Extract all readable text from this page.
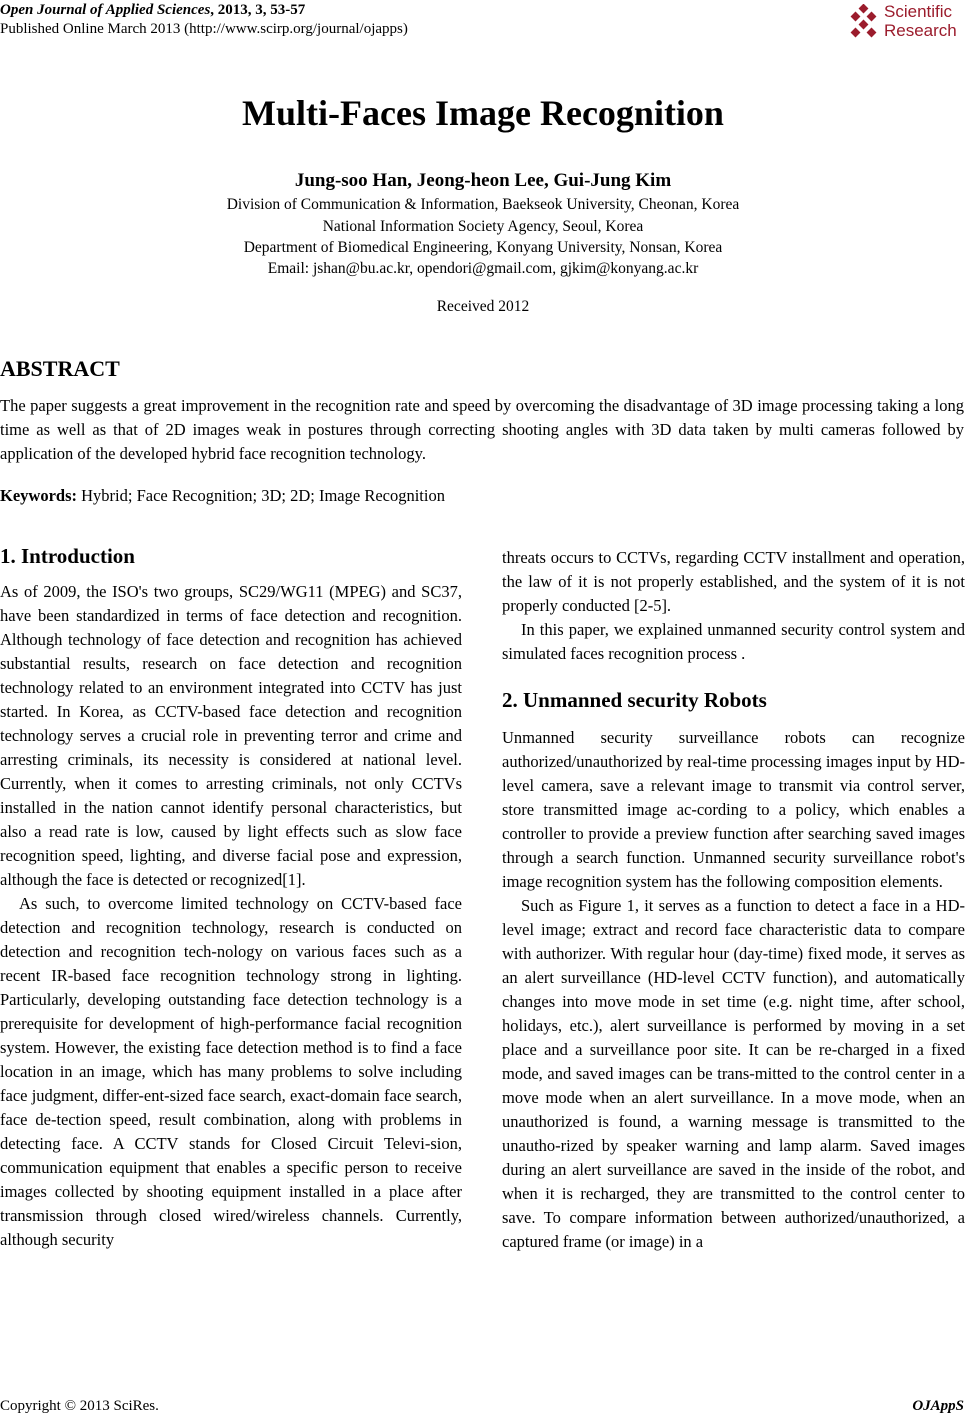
Open Journal of Applied Sciences, 2013, 3, 53-57
Published Online March 2013 (http://www.scirp.org/journal/ojapps)
Scientific
Research
Multi-Faces Image Recognition
Jung-soo Han, Jeong-heon Lee, Gui-Jung Kim
Division of Communication & Information, Baekseok University, Cheonan, Korea
National Information Society Agency, Seoul, Korea
Department of Biomedical Engineering, Konyang University, Nonsan, Korea
Email: jshan@bu.ac.kr, opendori@gmail.com, gjkim@konyang.ac.kr
Received 2012
ABSTRACT
The paper suggests a great improvement in the recognition rate and speed by overcoming the disadvantage of 3D image processing taking a long time as well as that of 2D images weak in postures through correcting shooting angles with 3D data taken by multi cameras followed by application of the developed hybrid face recognition technology.
Keywords: Hybrid; Face Recognition; 3D; 2D; Image Recognition
1. Introduction

As of 2009, the ISO's two groups, SC29/WG11 (MPEG) and SC37, have been standardized in terms of face detection and recognition. Although technology of face detection and recognition has achieved substantial results, research on face detection and recognition technology related to an environment integrated into CCTV has just started. In Korea, as CCTV-based face detection and recognition technology serves a crucial role in preventing terror and crime and arresting criminals, its necessity is considered at national level. Currently, when it comes to arresting criminals, not only CCTVs installed in the nation cannot identify personal characteristics, but also a read rate is low, caused by light effects such as slow face recognition speed, lighting, and diverse facial pose and expression, although the face is detected or recognized[1].

As such, to overcome limited technology on CCTV-based face detection and recognition technology, research is conducted on detection and recognition tech-nology on various faces such as a recent IR-based face recognition technology strong in lighting. Particularly, developing outstanding face detection technology is a prerequisite for development of high-performance facial recognition system. However, the existing face detection method is to find a face location in an image, which has many problems to solve including face judgment, differ-ent-sized face search, exact-domain face search, face de-tection speed, result combination, along with problems in detecting face. A CCTV stands for Closed Circuit Televi-sion, communication equipment that enables a specific person to receive images collected by shooting equipment installed in a place after transmission through closed wired/wireless channels. Currently, although security

threats occurs to CCTVs, regarding CCTV installment and operation, the law of it is not properly established, and the system of it is not properly conducted [2-5].

In this paper, we explained unmanned security control system and simulated faces recognition process .

2. Unmanned security Robots

Unmanned security surveillance robots can recognize authorized/unauthorized by real-time processing images input by HD-level camera, save a relevant image to transmit via control server, store transmitted image ac-cording to a policy, which enables a controller to provide a preview function after searching saved images through a search function. Unmanned security surveillance robot's image recognition system has the following composition elements.

Such as Figure 1, it serves as a function to detect a face in a HD-level image; extract and record face characteristic data to compare with authorizer. With regular hour (day-time) fixed mode, it serves as an alert surveillance (HD-level CCTV function), and automatically changes into move mode in set time (e.g. night time, after school, holidays, etc.), alert surveillance is performed by moving in a set place and a surveillance poor site. It can be re-charged in a fixed mode, and saved images can be trans-mitted to the control center in a move mode when an alert surveillance. In a move mode, when an unauthorized is found, a warning message is transmitted to the unautho-rized by speaker warning and lamp alarm. Saved images during an alert surveillance are saved in the inside of the robot, and when it is recharged, they are transmitted to the control center to save. To compare information between authorized/unauthorized, a captured frame (or image) in a

Copyright © 2013 SciRes.	OJAppS
